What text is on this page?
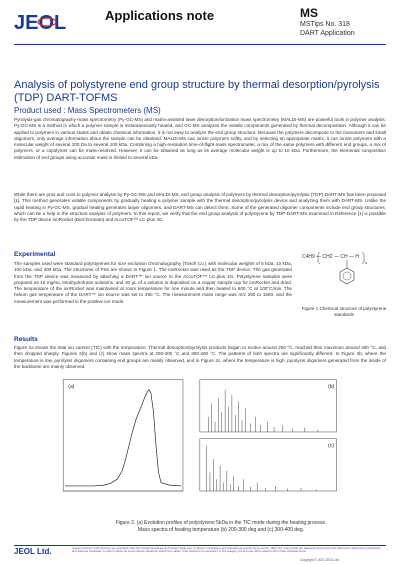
JEOL	Applications note	MS
MSTips No. 318
DART Application
Analysis of polystyrene end group structure by thermal desorption/pyrolysis (TDP) DART-TOFMS
Product used : Mass Spectrometers (MS)
Pyrolysis-gas chromatography-mass spectrometry (Py-GC-MS) and matrix-assisted laser desorption/ionization mass spectrometry (MALDI-MS) are powerful tools in polymer analysis. Py-GC-MS is a method in which a polymer sample is instantaneously heated, and GC-MS analyzes the volatile components generated by thermal decomposition. Although it can be applied to polymers in various states and obtain chemical information, it is not easy to analyze the end group structure. Because the polymers decompose to the monomers and small oligomers, only average information about the sample can be obtained. MALDI-MS can ionize polymers softly, and by selecting an appropriate matrix, it can ionize polymers with a molecular weight of several 100 Da to several 100 kDa. Combining a high-resolution time-of-flight mass spectrometer, a mix of the same polymers with different end groups, a mix of polymers, or a copolymer can be mass-resolved. However, it can be obtained as long as its average molecular weight is up to 10 kDa. Furthermore, the elemental composition estimation of end groups using accurate mass is limited to several kDa.
While there are pros and cons to polymer analysis by Py-GC-MS and MALDI-MS, end group analysis of polymers by thermal desorption/pyrolysis (TDP)-DART-MS has been proposed [1]. This method generates volatile components by gradually heating a polymer sample with the thermal desorption/pyrolysis device and analyzing them with DART-MS. Unlike the rapid heating in Py-GC-MS, gradual heating generates larger oligomers, and DART-MS can detect them. Some of the generated oligomer components include end group structures, which can be a help in the structure analysis of polymers. In this report, we verify that the end group analysis of polystyrene by TDP-DART-MS examined in Reference [1] is possible by the TDP device ionRocket (BioChromato) and AccuTOF™ LC-plus 4G.
Experimental
The samples used were standard polystyrenes for size exclusion chromatography (Tosoh Co.) with molecular weights of 5 kDa, 10 kDa, 100 kDa, and 400 kDa. The structures of PSs are shown in Figure 1. The ionRocket was used as the TDP device. The gas generated from the TDP device was measured by attaching a DART™ ion source to the AccuTOF™ LC-plus 4G. Polystyrene samples were prepared as 10 mg/mL tetrahydrofuran solutions, and 30 μL of a solution is deposited on a copper sample cup for ionRocket and dried. The temperature of the ionRocket was maintained at room temperature for one minute and then heated to 600 °C at 100°C/min. The helium gas temperature of the DART™ ion source was set to 450 °C. The measurement mass range was m/z 250 to 1500, and the measurement was performed in the positive ion mode.
C4H9 — CH2 — CH — H
n
Figure 1 Chemical structure of polystyrene standards
Results
Figure 2a shows the total ion current (TIC) with the temperature. Thermal desorption/pyrolysis products began to evolve around 200 °C, reached their maximum around 400 °C, and then dropped sharply. Figures 2(b) and (c) show mass spectra at 200-300 °C and 300-400 °C. The patterns of both spectra are significantly different. In Figure 2b, where the temperature is low, pyrolysis oligomers containing end groups are mainly observed, and in Figure 2c, where the temperature is high, pyrolysis oligomers generated from the inside of the backbone are mainly observed.
(a)	(b)
(c)
Figure 2. (a) Evolution profiles of polystyrene 5kDa in the TIC mode during the heating process.
Mass spectra of heating temperature (b) 200-300 deg and (c) 300-400 deg.
JEOL Ltd.	Certain products in this brochure are controlled under the “Foreign Exchange and Foreign Trade Law” of Japan in compliance with international security export control. JEOL Ltd. must provide the Japanese Government with “End-user’s Statement of Assurance” and “End-use Certificate” in order to obtain the export license needed for export from Japan. If the product to be exported is in this category, the end user will be asked to fill in these certificate forms.
Copyright © 2021 JEOL Ltd.
